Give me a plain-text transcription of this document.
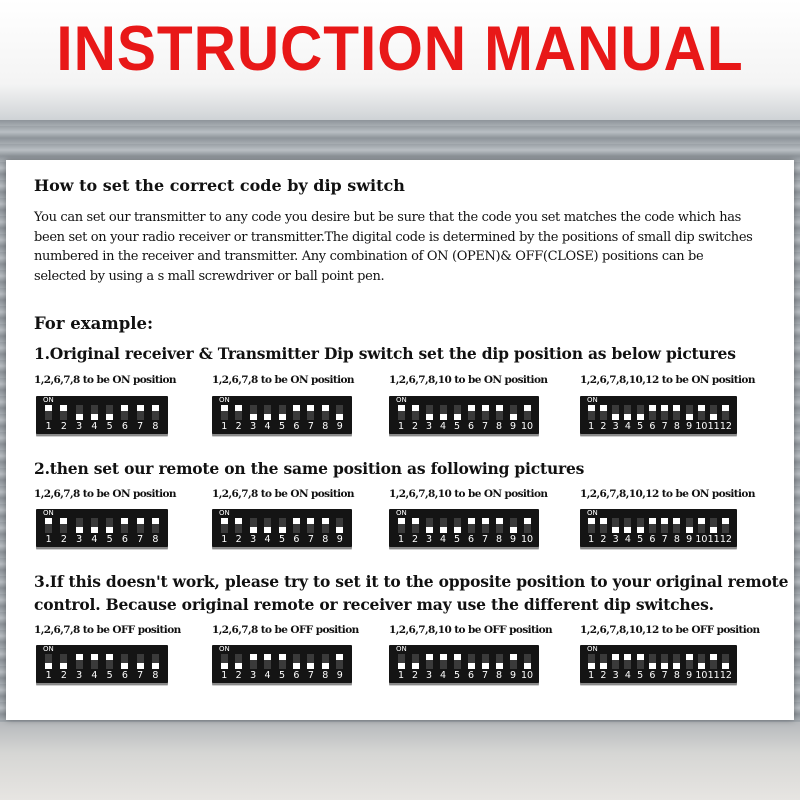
INSTRUCTION MANUAL
How to set the correct code by dip switch
You can set our transmitter to any code you desire but be sure that the code you set matches the code which has
been set on your radio receiver or transmitter.The digital code is determined by the positions of small dip switches
numbered in the receiver and transmitter. Any combination of ON (OPEN)& OFF(CLOSE) positions can be
selected by using a s mall screwdriver or ball point pen.
For example:
1.Original receiver & Transmitter Dip switch set the dip position as below pictures
2.then set our remote on the same position as following pictures
3.If this doesn't work, please try to set it to the opposite position to your original remote
control. Because original remote or receiver may use the different dip switches.
1,2,6,7,8 to be ON position
ON
1 2 3 4 5 6 7 8
1,2,6,7,8 to be ON position
ON
1 2 3 4 5 6 7 8 9
1,2,6,7,8,10 to be ON position
ON
1 2 3 4 5 6 7 8 9 10
1,2,6,7,8,10,12 to be ON position
ON
1 2 3 4 5 6 7 8 9 10 11 12
1,2,6,7,8 to be ON position
ON
1 2 3 4 5 6 7 8
1,2,6,7,8 to be ON position
ON
1 2 3 4 5 6 7 8 9
1,2,6,7,8,10 to be ON position
ON
1 2 3 4 5 6 7 8 9 10
1,2,6,7,8,10,12 to be ON position
ON
1 2 3 4 5 6 7 8 9 10 11 12
1,2,6,7,8 to be OFF position
ON
1 2 3 4 5 6 7 8
1,2,6,7,8 to be OFF position
ON
1 2 3 4 5 6 7 8 9
1,2,6,7,8,10 to be OFF position
ON
1 2 3 4 5 6 7 8 9 10
1,2,6,7,8,10,12 to be OFF position
ON
1 2 3 4 5 6 7 8 9 10 11 12
